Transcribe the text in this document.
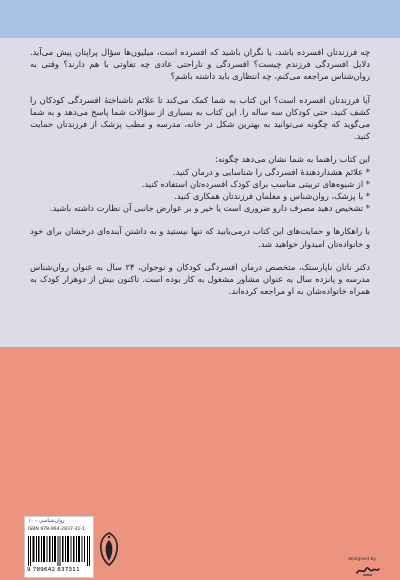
چه فرزندتان افسرده باشد، یا نگران باشید که افسرده است، میلیون‌ها سؤال پراپتان پیش می‌آید. دلایل افسردگی فرزندم چیست؟ افسردگی و ناراحتی عادی چه تفاوتی با هم دارند؟ وقتی به روان‌شناس مراجعه می‌کنم، چه انتظاری باید داشته باشم؟

آیا فرزندتان افسرده است؟ این کتاب به شما کمک می‌کند تا علائم ناشناختهٔ افسردگی کودکان را کشف کنید، حتی کودکان سه ساله را. این کتاب به بسیاری از سؤالات شما پاسخ می‌دهد و به شما می‌گوید که چگونه می‌توانید به بهترین شکل در خانه، مدرسه و مطب پزشک از فرزندتان حمایت کنید.

این کتاب راهنما به شما نشان می‌دهد چگونه:
* علائم هشداردهندهٔ افسردگی را شناسایی و درمان کنید.
* از شیوه‌های تربیتی مناسب برای کودک افسرده‌تان استفاده کنید.
* با پزشک، روان‌شناس و معلمان فرزندتان همکاری کنید.
* تشخیص دهید مصرف دارو ضروری است یا خیر و بر عوارض جانبی آن نظارت داشته باشید.

با راهکارها و حمایت‌های این کتاب درمی‌یابید که تنها نیستید و به داشتن آینده‌ای درخشان برای خود و خانواده‌تان امیدوار خواهید شد.

دکتر ناتان ناپارستک، متخصص درمان افسردگی کودکان و نوجوان، ۲۴ سال به عنوان روان‌شناس مدرسه و پانزده سال به عنوان مشاور مشغول به کار بوده است. تاکنون بیش از دوهزار کودک به همراه خانواده‌شان به او مراجعه کرده‌اند.

روان‌شناسی – ۱۰
ISBN 978-964-2837-31-1
9 789642 837311
designed by
